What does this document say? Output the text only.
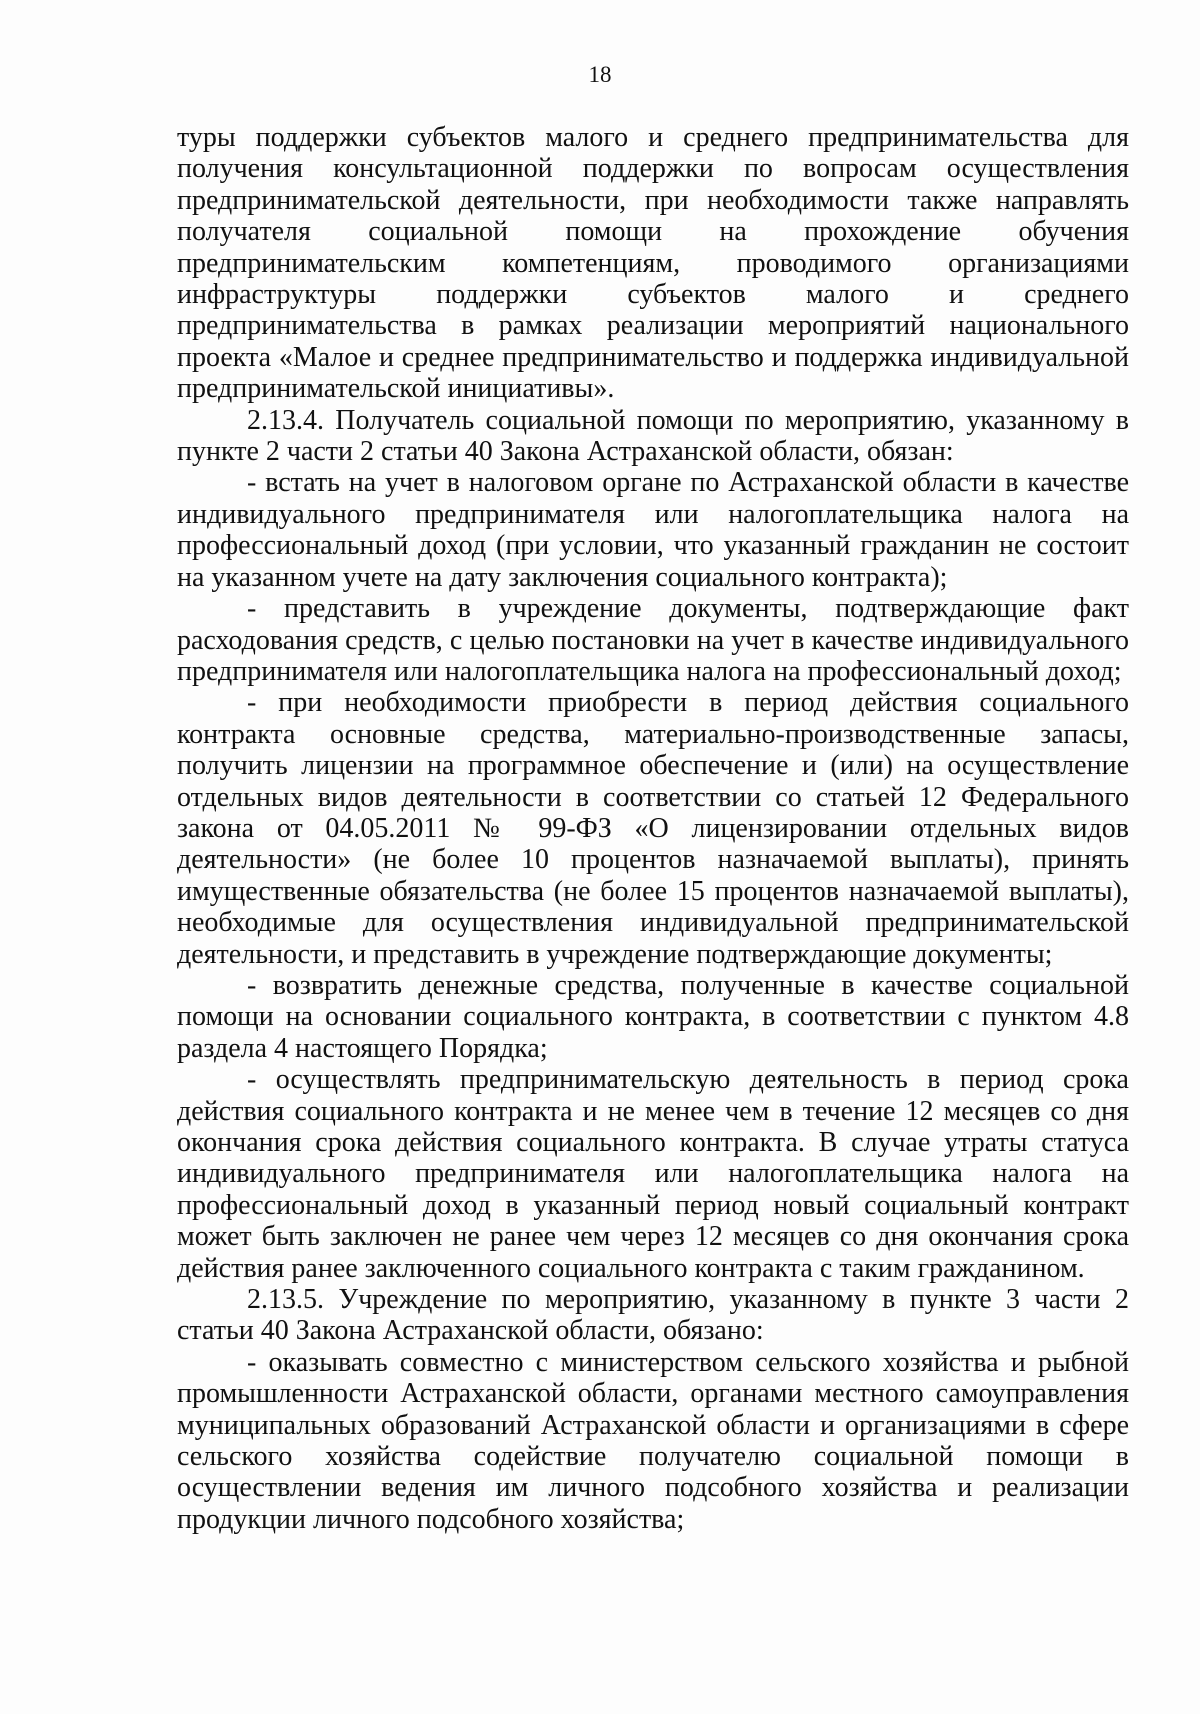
18

туры поддержки субъектов малого и среднего предпринимательства для получения консультационной поддержки по вопросам осуществления предпринимательской деятельности, при необходимости также направлять получателя социальной помощи на прохождение обучения предпринимательским компетенциям, проводимого организациями инфраструктуры поддержки субъектов малого и среднего предпринимательства в рамках реализации мероприятий национального проекта «Малое и среднее предпринимательство и поддержка индивидуальной предпринимательской инициативы».

2.13.4. Получатель социальной помощи по мероприятию, указанному в пункте 2 части 2 статьи 40 Закона Астраханской области, обязан:

- встать на учет в налоговом органе по Астраханской области в качестве индивидуального предпринимателя или налогоплательщика налога на профессиональный доход (при условии, что указанный гражданин не состоит на указанном учете на дату заключения социального контракта);

- представить в учреждение документы, подтверждающие факт расходования средств, с целью постановки на учет в качестве индивидуального предпринимателя или налогоплательщика налога на профессиональный доход;

- при необходимости приобрести в период действия социального контракта основные средства, материально-производственные запасы, получить лицензии на программное обеспечение и (или) на осуществление отдельных видов деятельности в соответствии со статьей 12 Федерального закона от 04.05.2011 № 99-ФЗ «О лицензировании отдельных видов деятельности» (не более 10 процентов назначаемой выплаты), принять имущественные обязательства (не более 15 процентов назначаемой выплаты), необходимые для осуществления индивидуальной предпринимательской деятельности, и представить в учреждение подтверждающие документы;

- возвратить денежные средства, полученные в качестве социальной помощи на основании социального контракта, в соответствии с пунктом 4.8 раздела 4 настоящего Порядка;

- осуществлять предпринимательскую деятельность в период срока действия социального контракта и не менее чем в течение 12 месяцев со дня окончания срока действия социального контракта. В случае утраты статуса индивидуального предпринимателя или налогоплательщика налога на профессиональный доход в указанный период новый социальный контракт может быть заключен не ранее чем через 12 месяцев со дня окончания срока действия ранее заключенного социального контракта с таким гражданином.

2.13.5. Учреждение по мероприятию, указанному в пункте 3 части 2 статьи 40 Закона Астраханской области, обязано:

- оказывать совместно с министерством сельского хозяйства и рыбной промышленности Астраханской области, органами местного самоуправления муниципальных образований Астраханской области и организациями в сфере сельского хозяйства содействие получателю социальной помощи в осуществлении ведения им личного подсобного хозяйства и реализации продукции личного подсобного хозяйства;
